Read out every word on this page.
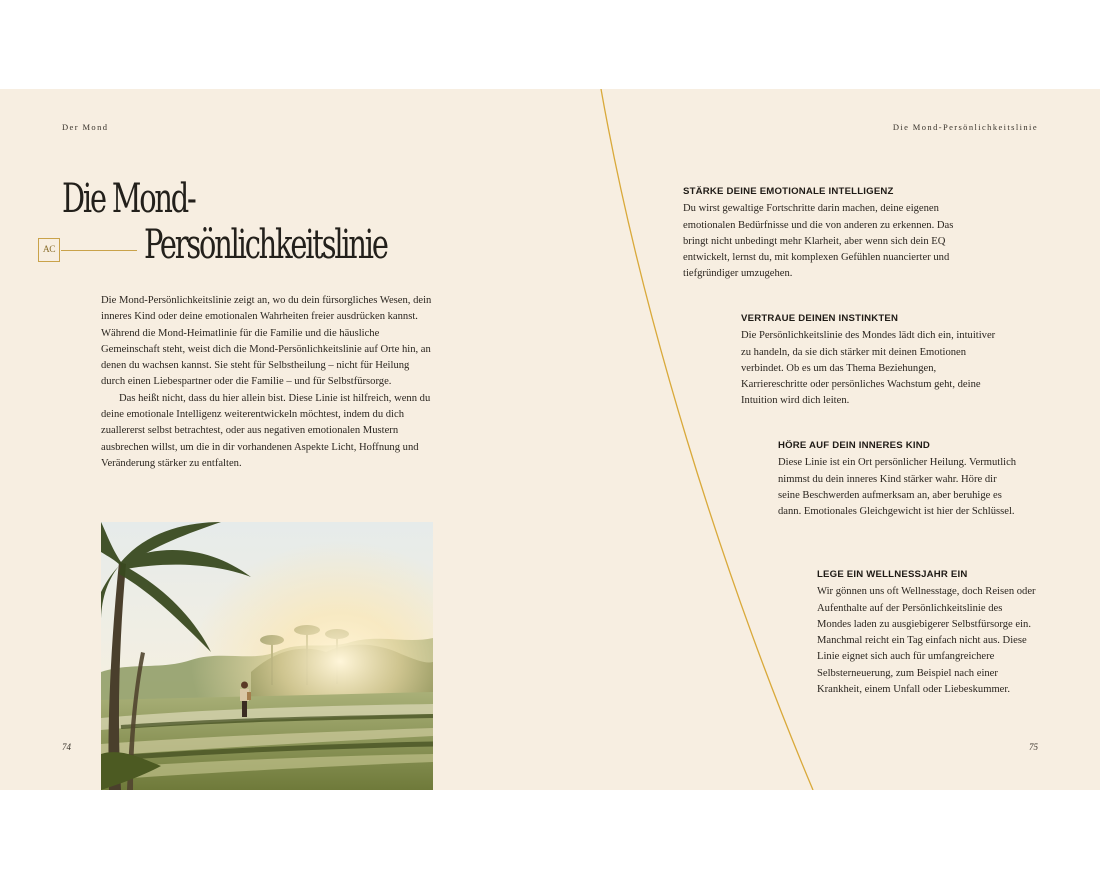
Der Mond	Die Mond-Persönlichkeitslinie
Die Mond-
AC Persönlichkeitslinie

Die Mond-Persönlichkeitslinie zeigt an, wo du dein fürsorgliches Wesen, dein inneres Kind oder deine emotionalen Wahrheiten freier ausdrücken kannst. Während die Mond-Heimatlinie für die Familie und die häusliche Gemeinschaft steht, weist dich die Mond-Persönlichkeitslinie auf Orte hin, an denen du wachsen kannst. Sie steht für Selbstheilung – nicht für Heilung durch einen Liebespartner oder die Familie – und für Selbstfürsorge.

Das heißt nicht, dass du hier allein bist. Diese Linie ist hilfreich, wenn du deine emotionale Intelligenz weiterentwickeln möchtest, indem du dich zuallererst selbst betrachtest, oder aus negativen emotionalen Mustern ausbrechen willst, um die in dir vorhandenen Aspekte Licht, Hoffnung und Veränderung stärker zu entfalten.

74	75
STÄRKE DEINE EMOTIONALE INTELLIGENZ

Du wirst gewaltige Fortschritte darin machen, deine eigenen emotionalen Bedürfnisse und die von anderen zu erkennen. Das bringt nicht unbedingt mehr Klarheit, aber wenn sich dein EQ entwickelt, lernst du, mit komplexen Gefühlen nuancierter und tiefgründiger umzugehen.

VERTRAUE DEINEN INSTINKTEN

Die Persönlichkeitslinie des Mondes lädt dich ein, intuitiver zu handeln, da sie dich stärker mit deinen Emotionen verbindet. Ob es um das Thema Beziehungen, Karriereschritte oder persönliches Wachstum geht, deine Intuition wird dich leiten.

HÖRE AUF DEIN INNERES KIND

Diese Linie ist ein Ort persönlicher Heilung. Vermutlich nimmst du dein inneres Kind stärker wahr. Höre dir seine Beschwerden aufmerksam an, aber beruhige es dann. Emotionales Gleichgewicht ist hier der Schlüssel.

LEGE EIN WELLNESSJAHR EIN

Wir gönnen uns oft Wellnesstage, doch Reisen oder Aufenthalte auf der Persönlichkeitslinie des Mondes laden zu ausgiebigerer Selbstfürsorge ein. Manchmal reicht ein Tag einfach nicht aus. Diese Linie eignet sich auch für umfangreichere Selbsterneuerung, zum Beispiel nach einer Krankheit, einem Unfall oder Liebeskummer.
